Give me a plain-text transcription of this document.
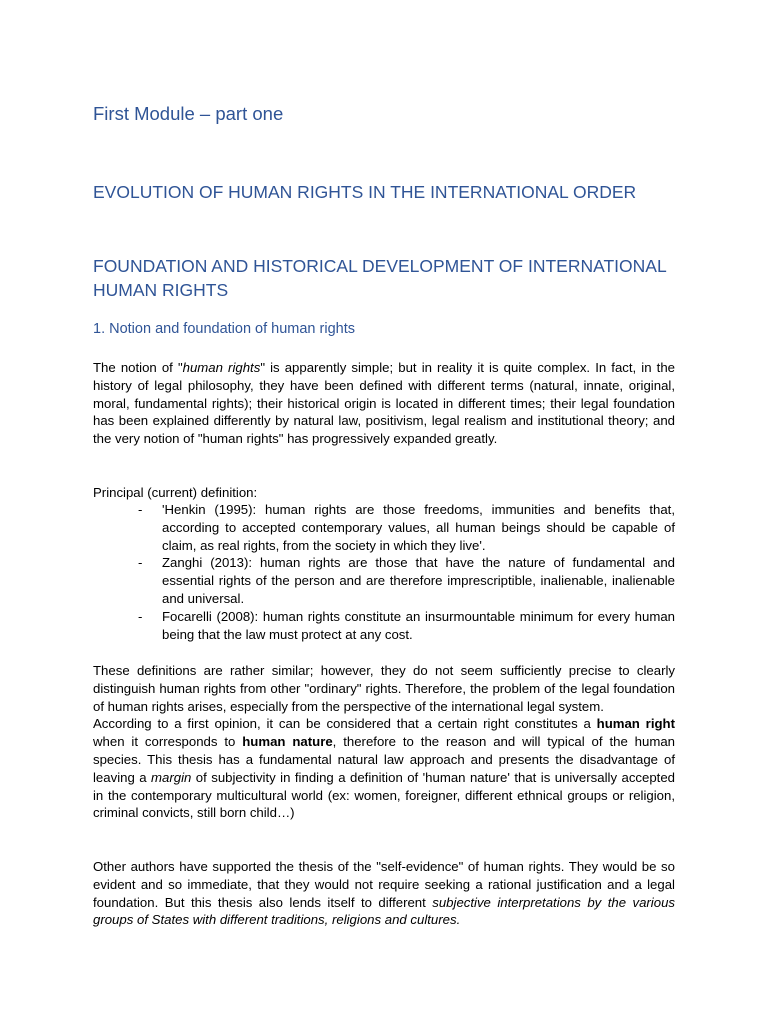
First Module – part one
EVOLUTION OF HUMAN RIGHTS IN THE INTERNATIONAL ORDER
FOUNDATION AND HISTORICAL DEVELOPMENT OF INTERNATIONAL HUMAN RIGHTS
1. Notion and foundation of human rights

The notion of "human rights" is apparently simple; but in reality it is quite complex. In fact, in the history of legal philosophy, they have been defined with different terms (natural, innate, original, moral, fundamental rights); their historical origin is located in different times; their legal foundation has been explained differently by natural law, positivism, legal realism and institutional theory; and the very notion of "human rights" has progressively expanded greatly.

Principal (current) definition:

- 'Henkin (1995): human rights are those freedoms, immunities and benefits that, according to accepted contemporary values, all human beings should be capable of claim, as real rights, from the society in which they live'.
- Zanghi (2013): human rights are those that have the nature of fundamental and essential rights of the person and are therefore imprescriptible, inalienable, inalienable and universal.
- Focarelli (2008): human rights constitute an insurmountable minimum for every human being that the law must protect at any cost.

These definitions are rather similar; however, they do not seem sufficiently precise to clearly distinguish human rights from other "ordinary" rights. Therefore, the problem of the legal foundation of human rights arises, especially from the perspective of the international legal system.

According to a first opinion, it can be considered that a certain right constitutes a human right when it corresponds to human nature, therefore to the reason and will typical of the human species. This thesis has a fundamental natural law approach and presents the disadvantage of leaving a margin of subjectivity in finding a definition of 'human nature' that is universally accepted in the contemporary multicultural world (ex: women, foreigner, different ethnical groups or religion, criminal convicts, still born child…)

Other authors have supported the thesis of the "self-evidence" of human rights. They would be so evident and so immediate, that they would not require seeking a rational justification and a legal foundation. But this thesis also lends itself to different subjective interpretations by the various groups of States with different traditions, religions and cultures.
